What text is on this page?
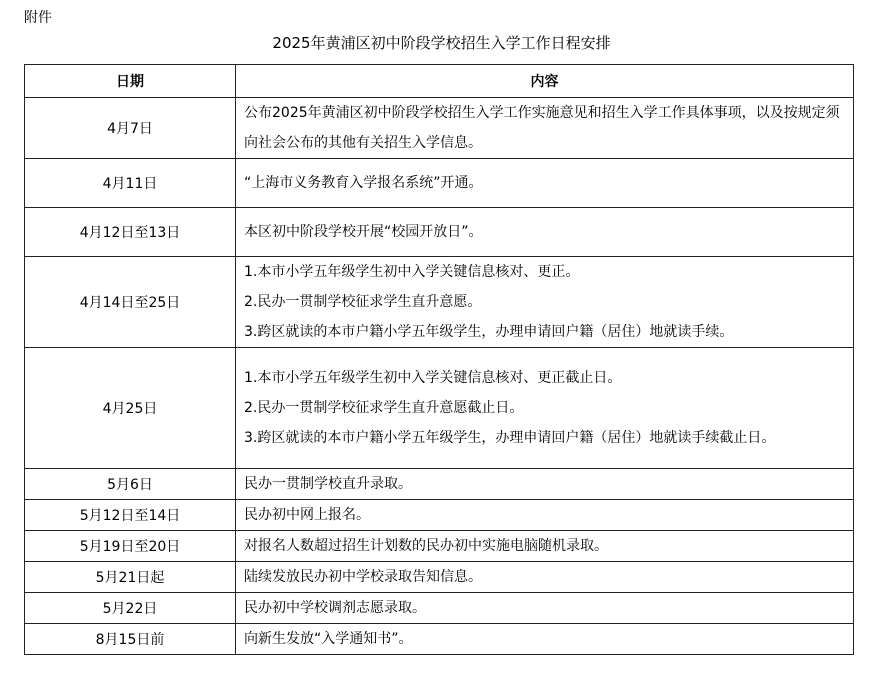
附件
2025年黄浦区初中阶段学校招生入学工作日程安排
日期	内容
4月7日	公布2025年黄浦区初中阶段学校招生入学工作实施意见和招生入学工作具体事项，以及按规定须向社会公布的其他有关招生入学信息。

4月11日	“上海市义务教育入学报名系统”开通。

4月12日至13日	本区初中阶段学校开展“校园开放日”。

4月14日至25日	1.本市小学五年级学生初中入学关键信息核对、更正。
2.民办一贯制学校征求学生直升意愿。
3.跨区就读的本市户籍小学五年级学生，办理申请回户籍（居住）地就读手续。

4月25日	1.本市小学五年级学生初中入学关键信息核对、更正截止日。
2.民办一贯制学校征求学生直升意愿截止日。
3.跨区就读的本市户籍小学五年级学生，办理申请回户籍（居住）地就读手续截止日。

5月6日	民办一贯制学校直升录取。

5月12日至14日	民办初中网上报名。

5月19日至20日	对报名人数超过招生计划数的民办初中实施电脑随机录取。

5月21日起	陆续发放民办初中学校录取告知信息。

5月22日	民办初中学校调剂志愿录取。

8月15日前	向新生发放“入学通知书”。
